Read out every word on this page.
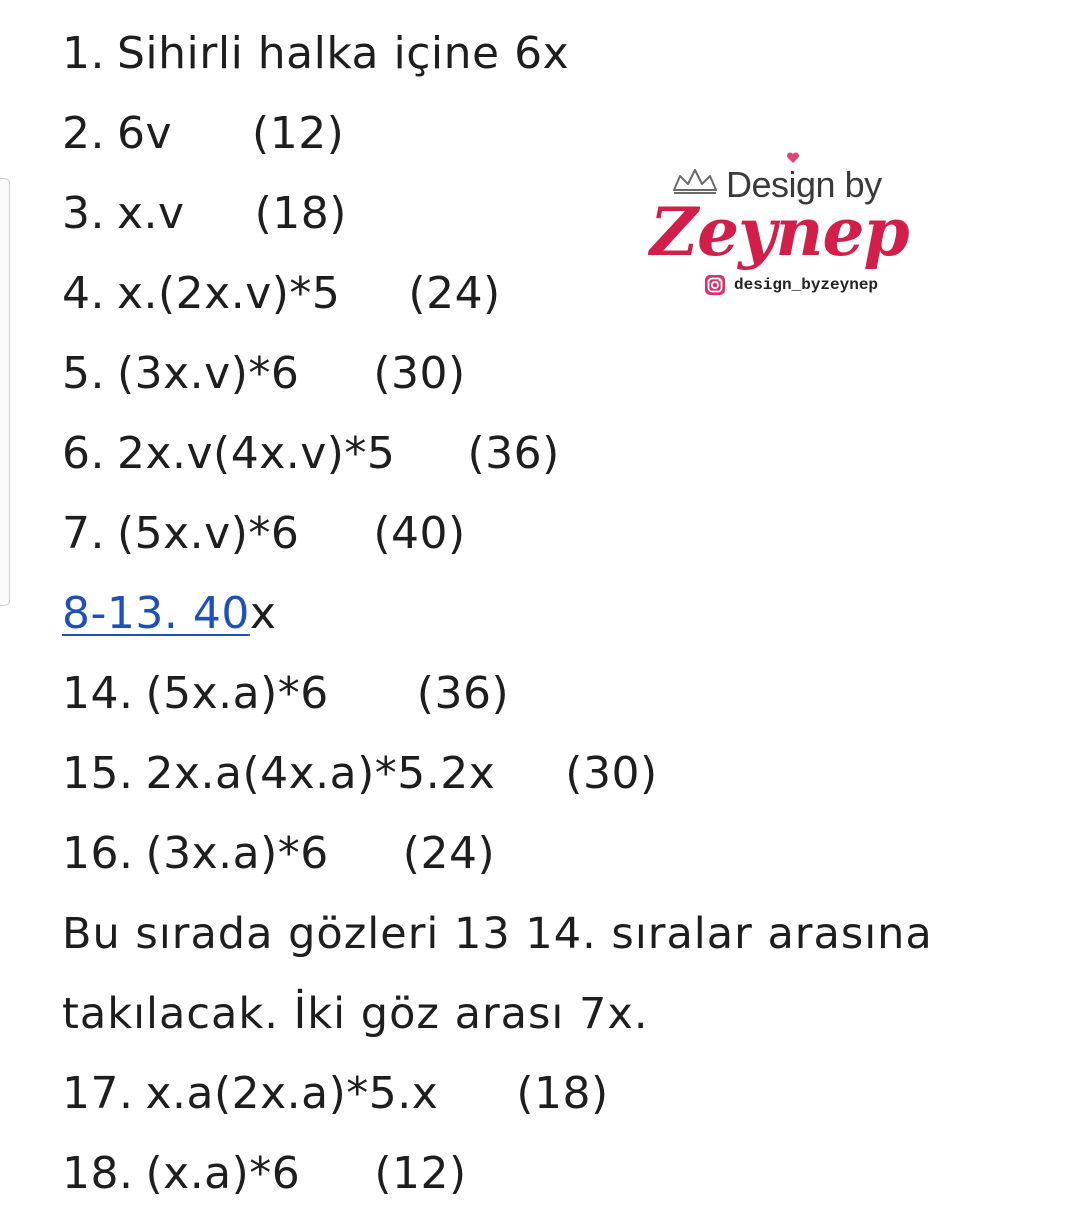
1. Sihirli halka içine 6x
2. 6v (12)
3. x.v (18)
4. x.(2x.v)*5 (24)
5. (3x.v)*6 (30)
6. 2x.v(4x.v)*5 (36)
7. (5x.v)*6 (40)
8-13. 40x
14. (5x.a)*6 (36)
15. 2x.a(4x.a)*5.2x (30)
16. (3x.a)*6 (24)
Bu sırada gözleri 13 14. sıralar arasına
takılacak. İki göz arası 7x.
17. x.a(2x.a)*5.x (18)
18. (x.a)*6 (12)
Design by
Zeynep
design_byzeynep
